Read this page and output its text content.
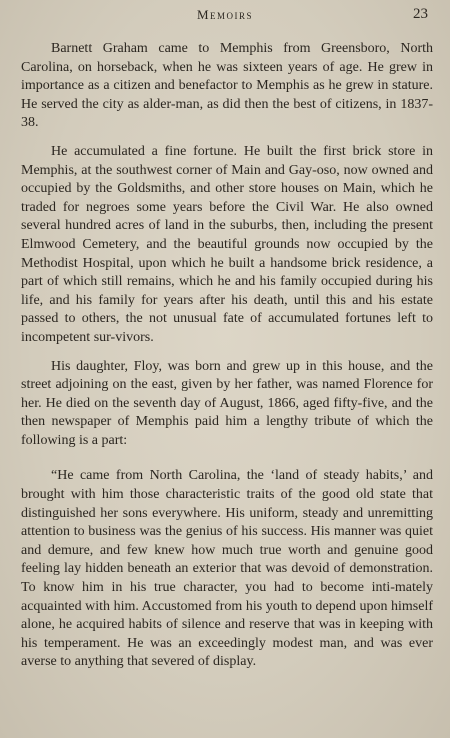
Memoirs	23

Barnett Graham came to Memphis from Greensboro, North Carolina, on horseback, when he was sixteen years of age. He grew in importance as a citizen and benefactor to Memphis as he grew in stature. He served the city as alder-man, as did then the best of citizens, in 1837-38.

He accumulated a fine fortune. He built the first brick store in Memphis, at the southwest corner of Main and Gay-oso, now owned and occupied by the Goldsmiths, and other store houses on Main, which he traded for negroes some years before the Civil War. He also owned several hundred acres of land in the suburbs, then, including the present Elmwood Cemetery, and the beautiful grounds now occupied by the Methodist Hospital, upon which he built a handsome brick residence, a part of which still remains, which he and his family occupied during his life, and his family for years after his death, until this and his estate passed to others, the not unusual fate of accumulated fortunes left to incompetent sur-vivors.

His daughter, Floy, was born and grew up in this house, and the street adjoining on the east, given by her father, was named Florence for her. He died on the seventh day of August, 1866, aged fifty-five, and the then newspaper of Memphis paid him a lengthy tribute of which the following is a part:

“He came from North Carolina, the ‘land of steady habits,’ and brought with him those characteristic traits of the good old state that distinguished her sons everywhere. His uniform, steady and unremitting attention to business was the genius of his success. His manner was quiet and demure, and few knew how much true worth and genuine good feeling lay hidden beneath an exterior that was devoid of demonstration. To know him in his true character, you had to become inti-mately acquainted with him. Accustomed from his youth to depend upon himself alone, he acquired habits of silence and reserve that was in keeping with his temperament. He was an exceedingly modest man, and was ever averse to anything that severed of display.
